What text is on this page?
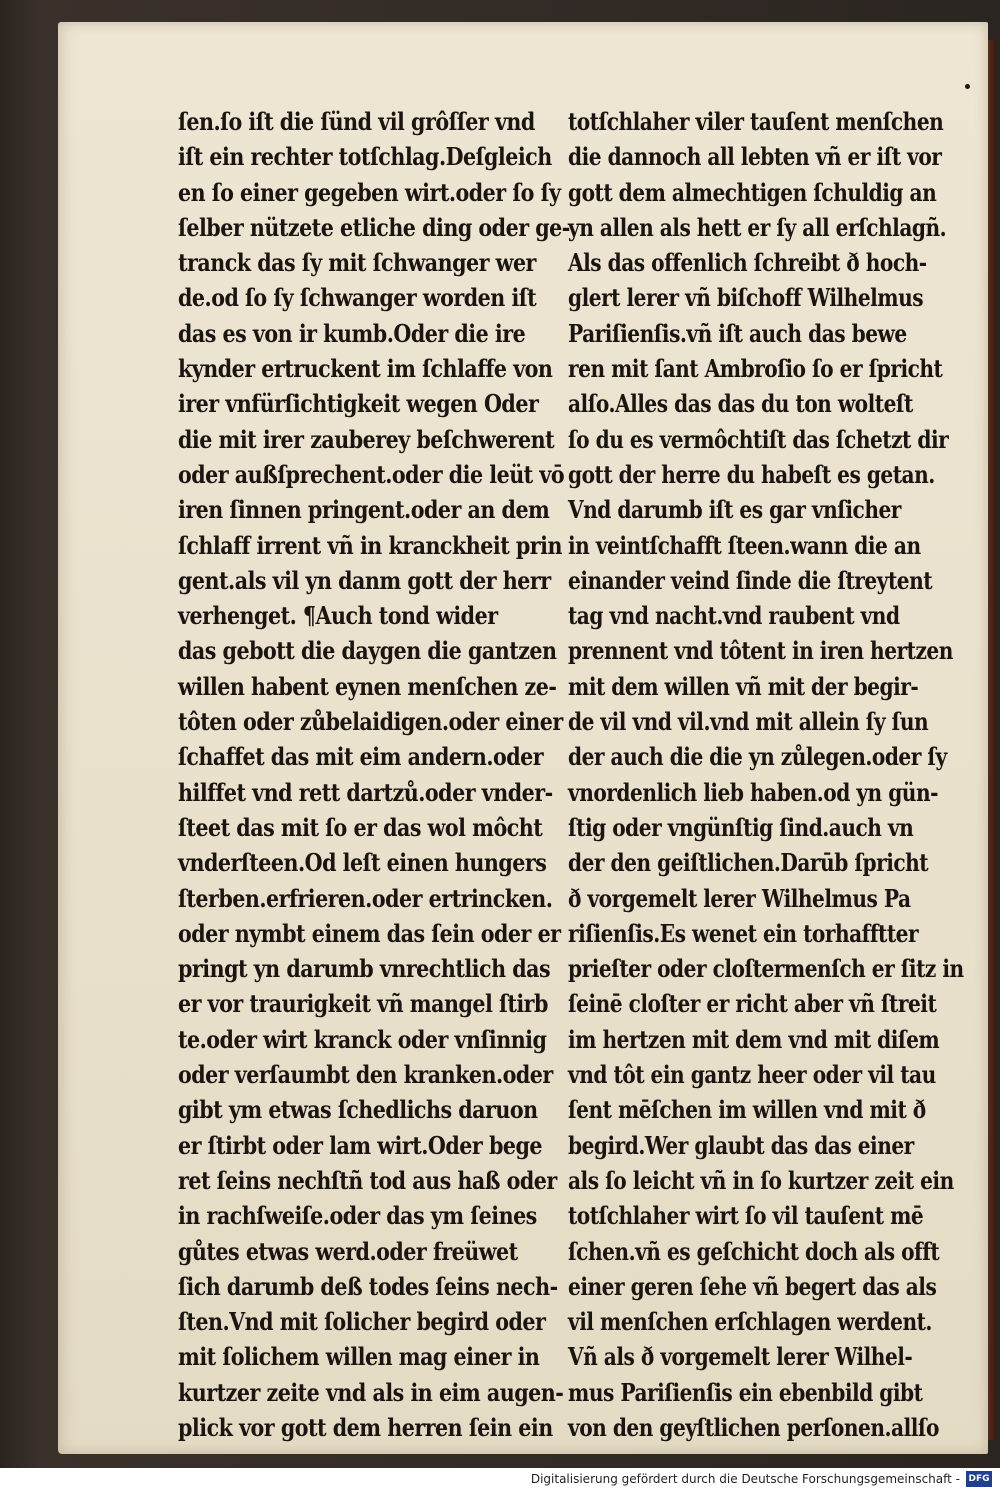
ſen.ſo iſt die ſünd vil grôſſer vnd
iſt ein rechter totſchlag.Deſgleich
en ſo einer gegeben wirt.oder ſo ſy
ſelber nützete etliche ding oder ge-
tranck das ſy mit ſchwanger wer
de.od ſo ſy ſchwanger worden iſt
das es von ir kumb.Oder die ire
kynder ertruckent im ſchlaffe von
irer vnfürſichtigkeit wegen Oder
die mit irer zauberey beſchwerent
oder außſprechent.oder die leüt vō
iren ſinnen pringent.oder an dem
ſchlaff irrent vñ in kranckheit prin
gent.als vil yn danm gott der herr
verhenget. ¶Auch tond wider
das gebott die daygen die gantzen
willen habent eynen menſchen ze-
tôten oder zůbelaidigen.oder einer
ſchaffet das mit eim andern.oder
hilffet vnd rett dartzů.oder vnder-
ſteet das mit ſo er das wol môcht
vnderſteen.Od leſt einen hungers
ſterben.erfrieren.oder ertrincken.
oder nymbt einem das ſein oder er
pringt yn darumb vnrechtlich das
er vor traurigkeit vñ mangel ſtirb
te.oder wirt kranck oder vnſinnig
oder verſaumbt den kranken.oder
gibt ym etwas ſchedlichs daruon
er ſtirbt oder lam wirt.Oder bege
ret ſeins nechſtñ tod aus haß oder
in rachſweiſe.oder das ym ſeines
gůtes etwas werd.oder freüwet
ſich darumb deß todes ſeins nech-
ſten.Vnd mit ſolicher begird oder
mit ſolichem willen mag einer in
kurtzer zeite vnd als in eim augen-
plick vor gott dem herren ſein ein
totſchlaher viler tauſent menſchen
die dannoch all lebten vñ er iſt vor
gott dem almechtigen ſchuldig an
yn allen als hett er ſy all erſchlagñ.
Als das offenlich ſchreibt ð hoch-
glert lerer vñ biſchoff Wilhelmus
Pariſienſis.vñ iſt auch das bewe
ren mit ſant Ambroſio ſo er ſpricht
alſo.Alles das das du ton wolteſt
ſo du es vermôchtiſt das ſchetzt dir
gott der herre du habeſt es getan.
Vnd darumb iſt es gar vnſicher
in veintſchafft ſteen.wann die an
einander veind ſinde die ſtreytent
tag vnd nacht.vnd raubent vnd
prennent vnd tôtent in iren hertzen
mit dem willen vñ mit der begir-
de vil vnd vil.vnd mit allein ſy ſun
der auch die die yn zůlegen.oder ſy
vnordenlich lieb haben.od yn gün-
ſtig oder vngünſtig ſind.auch vn
der den geiſtlichen.Darūb ſpricht
ð vorgemelt lerer Wilhelmus Pa
riſienſis.Es wenet ein torhafftter
prieſter oder cloſtermenſch er ſitz in
ſeinē cloſter er richt aber vñ ſtreit
im hertzen mit dem vnd mit diſem
vnd tôt ein gantz heer oder vil tau
ſent mēſchen im willen vnd mit ð
begird.Wer glaubt das das einer
als ſo leicht vñ in ſo kurtzer zeit ein
totſchlaher wirt ſo vil tauſent mē
ſchen.vñ es geſchicht doch als offt
einer geren ſehe vñ begert das als
vil menſchen erſchlagen werdent.
Vñ als ð vorgemelt lerer Wilhel-
mus Pariſienſis ein ebenbild gibt
von den geyſtlichen perſonen.allſo
Digitalisierung gefördert durch die Deutsche Forschungsgemeinschaft - DFG
